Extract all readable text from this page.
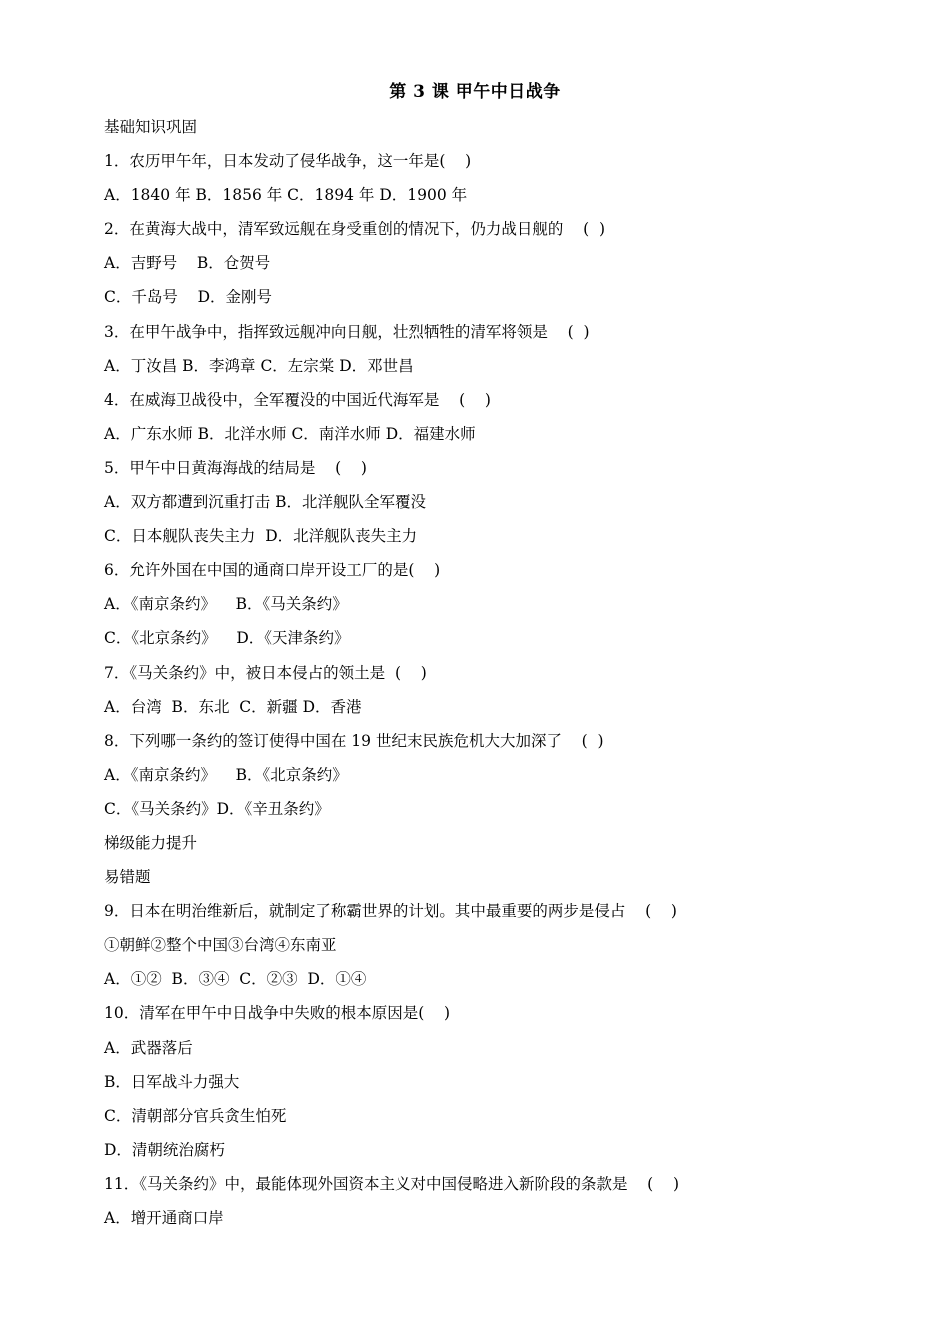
第 3 课 甲午中日战争
基础知识巩固
1．农历甲午年，日本发动了侵华战争，这一年是(    )
A．1840 年 B．1856 年 C．1894 年 D．1900 年
2．在黄海大战中，清军致远舰在身受重创的情况下，仍力战日舰的    (  )
A．吉野号    B．仓贺号
C．千岛号    D．金刚号
3．在甲午战争中，指挥致远舰冲向日舰，壮烈牺牲的清军将领是    (  )
A．丁汝昌 B．李鸿章 C．左宗棠 D．邓世昌
4．在威海卫战役中，全军覆没的中国近代海军是    (    )
A．广东水师 B．北洋水师 C．南洋水师 D．福建水师
5．甲午中日黄海海战的结局是    (    )
A．双方都遭到沉重打击 B．北洋舰队全军覆没
C．日本舰队丧失主力  D．北洋舰队丧失主力
6．允许外国在中国的通商口岸开设工厂的是(    )
A．《南京条约》    B．《马关条约》
C．《北京条约》    D．《天津条约》
7．《马关条约》中，被日本侵占的领土是  (    )
A．台湾  B．东北  C．新疆 D．香港
8．下列哪一条约的签订使得中国在 19 世纪末民族危机大大加深了    (  )
A．《南京条约》    B．《北京条约》
C．《马关条约》D．《辛丑条约》
梯级能力提升
易错题
9．日本在明治维新后，就制定了称霸世界的计划。其中最重要的两步是侵占    (    )
①朝鲜②整个中国③台湾④东南亚
A．①②  B．③④  C．②③  D．①④
10．清军在甲午中日战争中失败的根本原因是(    )
A．武器落后
B．日军战斗力强大
C．清朝部分官兵贪生怕死
D．清朝统治腐朽
11．《马关条约》中，最能体现外国资本主义对中国侵略进入新阶段的条款是    (    )
A．增开通商口岸
